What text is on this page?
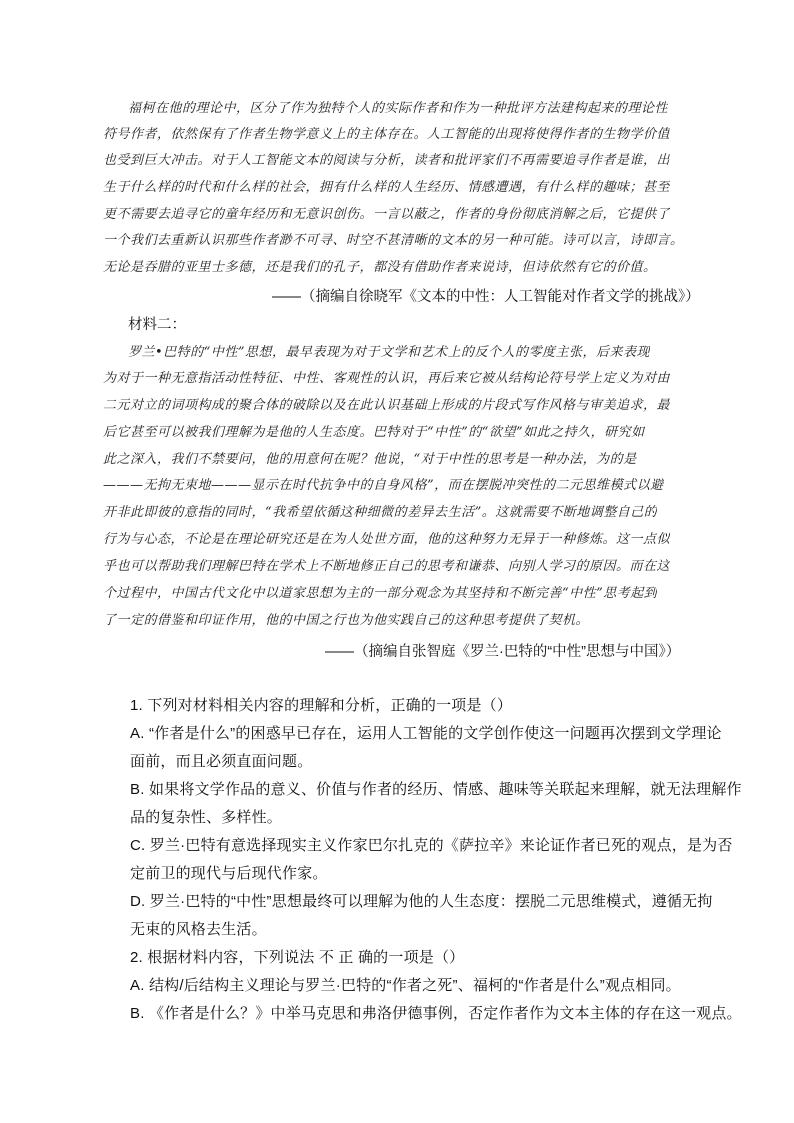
福柯在他的理论中，区分了作为独特个人的实际作者和作为一种批评方法建构起来的理论性
符号作者，依然保有了作者生物学意义上的主体存在。人工智能的出现将使得作者的生物学价值
也受到巨大冲击。对于人工智能文本的阅读与分析，读者和批评家们不再需要追寻作者是谁，出
生于什么样的时代和什么样的社会，拥有什么样的人生经历、情感遭遇，有什么样的趣味；甚至
更不需要去追寻它的童年经历和无意识创伤。一言以蔽之，作者的身份彻底消解之后，它提供了
一个我们去重新认识那些作者渺不可寻、时空不甚清晰的文本的另一种可能。诗可以言，诗即言。
无论是吞腊的亚里士多德，还是我们的孔子，都没有借助作者来说诗，但诗依然有它的价值。
——（摘编自徐晓军《文本的中性：人工智能对作者文学的挑战》）
材料二：
罗兰•巴特的“中性”思想，最早表现为对于文学和艺术上的反个人的零度主张，后来表现
为对于一种无意指活动性特征、中性、客观性的认识，再后来它被从结构论符号学上定义为对由
二元对立的词项构成的聚合体的破除以及在此认识基础上形成的片段式写作风格与审美追求，最
后它甚至可以被我们理解为是他的人生态度。巴特对于“中性”的“欲望”如此之持久，研究如
此之深入，我们不禁要问，他的用意何在呢？他说，“对于中性的思考是一种办法，为的是
———无拘无束地———显示在时代抗争中的自身风格”，而在摆脱冲突性的二元思维模式以避
开非此即彼的意指的同时，“我希望依循这种细微的差异去生活”。这就需要不断地调整自己的
行为与心态，不论是在理论研究还是在为人处世方面，他的这种努力无异于一种修炼。这一点似
乎也可以帮助我们理解巴特在学术上不断地修正自己的思考和谦恭、向别人学习的原因。而在这
个过程中，中国古代文化中以道家思想为主的一部分观念为其坚持和不断完善“中性”思考起到
了一定的借鉴和印证作用，他的中国之行也为他实践自己的这种思考提供了契机。
——（摘编自张智庭《罗兰·巴特的“中性”思想与中国》）
1. 下列对材料相关内容的理解和分析，正确的一项是（）
A. “作者是什么”的困惑早已存在，运用人工智能的文学创作使这一问题再次摆到文学理论
面前，而且必须直面问题。
B. 如果将文学作品的意义、价值与作者的经历、情感、趣味等关联起来理解，就无法理解作
品的复杂性、多样性。
C. 罗兰·巴特有意选择现实主义作家巴尔扎克的《萨拉辛》来论证作者已死的观点，是为否
定前卫的现代与后现代作家。
D. 罗兰·巴特的“中性”思想最终可以理解为他的人生态度：摆脱二元思维模式，遵循无拘
无束的风格去生活。
2. 根据材料内容，下列说法 不 正 确的一项是（）
A. 结构/后结构主义理论与罗兰·巴特的“作者之死”、福柯的“作者是什么”观点相同。
B. 《作者是什么？》中举马克思和弗洛伊德事例，否定作者作为文本主体的存在这一观点。
